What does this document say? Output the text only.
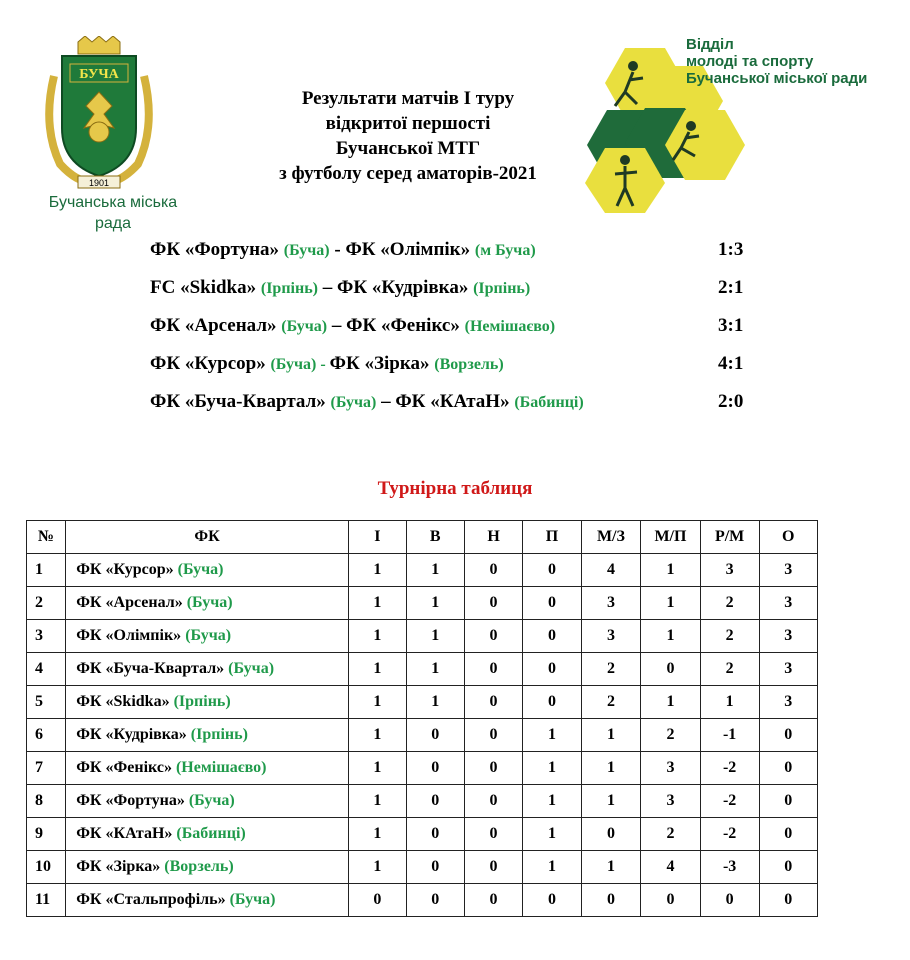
БУЧА
1901
Бучанська міська
рада
Результати матчів І туру
відкритої першості
Бучанської МТГ
з футболу серед аматорів-2021
Відділ
молоді та спорту
Бучанської міської ради
ФК «Фортуна» (Буча) - ФК «Олімпік» (м Буча)	1:3
FC «Skidka» (Ірпінь) – ФК «Кудрівка» (Ірпінь)	2:1
ФК «Арсенал» (Буча) – ФК «Фенікс» (Немішаєво)	3:1
ФК «Курсор» (Буча) - ФК «Зірка» (Ворзель)	4:1
ФК «Буча-Квартал» (Буча) – ФК «КАтаН» (Бабинці)	2:0
Турнірна таблиця
№	ФК	І	В	Н	П	М/З	М/П	Р/М	О
1	ФК «Курсор» (Буча)	1	1	0	0	4	1	3	3
2	ФК «Арсенал» (Буча)	1	1	0	0	3	1	2	3
3	ФК «Олімпік» (Буча)	1	1	0	0	3	1	2	3
4	ФК «Буча-Квартал» (Буча)	1	1	0	0	2	0	2	3
5	ФК «Skidka» (Ірпінь)	1	1	0	0	2	1	1	3
6	ФК «Кудрівка» (Ірпінь)	1	0	0	1	1	2	-1	0
7	ФК «Фенікс» (Немішаєво)	1	0	0	1	1	3	-2	0
8	ФК «Фортуна» (Буча)	1	0	0	1	1	3	-2	0
9	ФК «КАтаН» (Бабинці)	1	0	0	1	0	2	-2	0
10	ФК «Зірка» (Ворзель)	1	0	0	1	1	4	-3	0
11	ФК «Стальпрофіль» (Буча)	0	0	0	0	0	0	0	0
